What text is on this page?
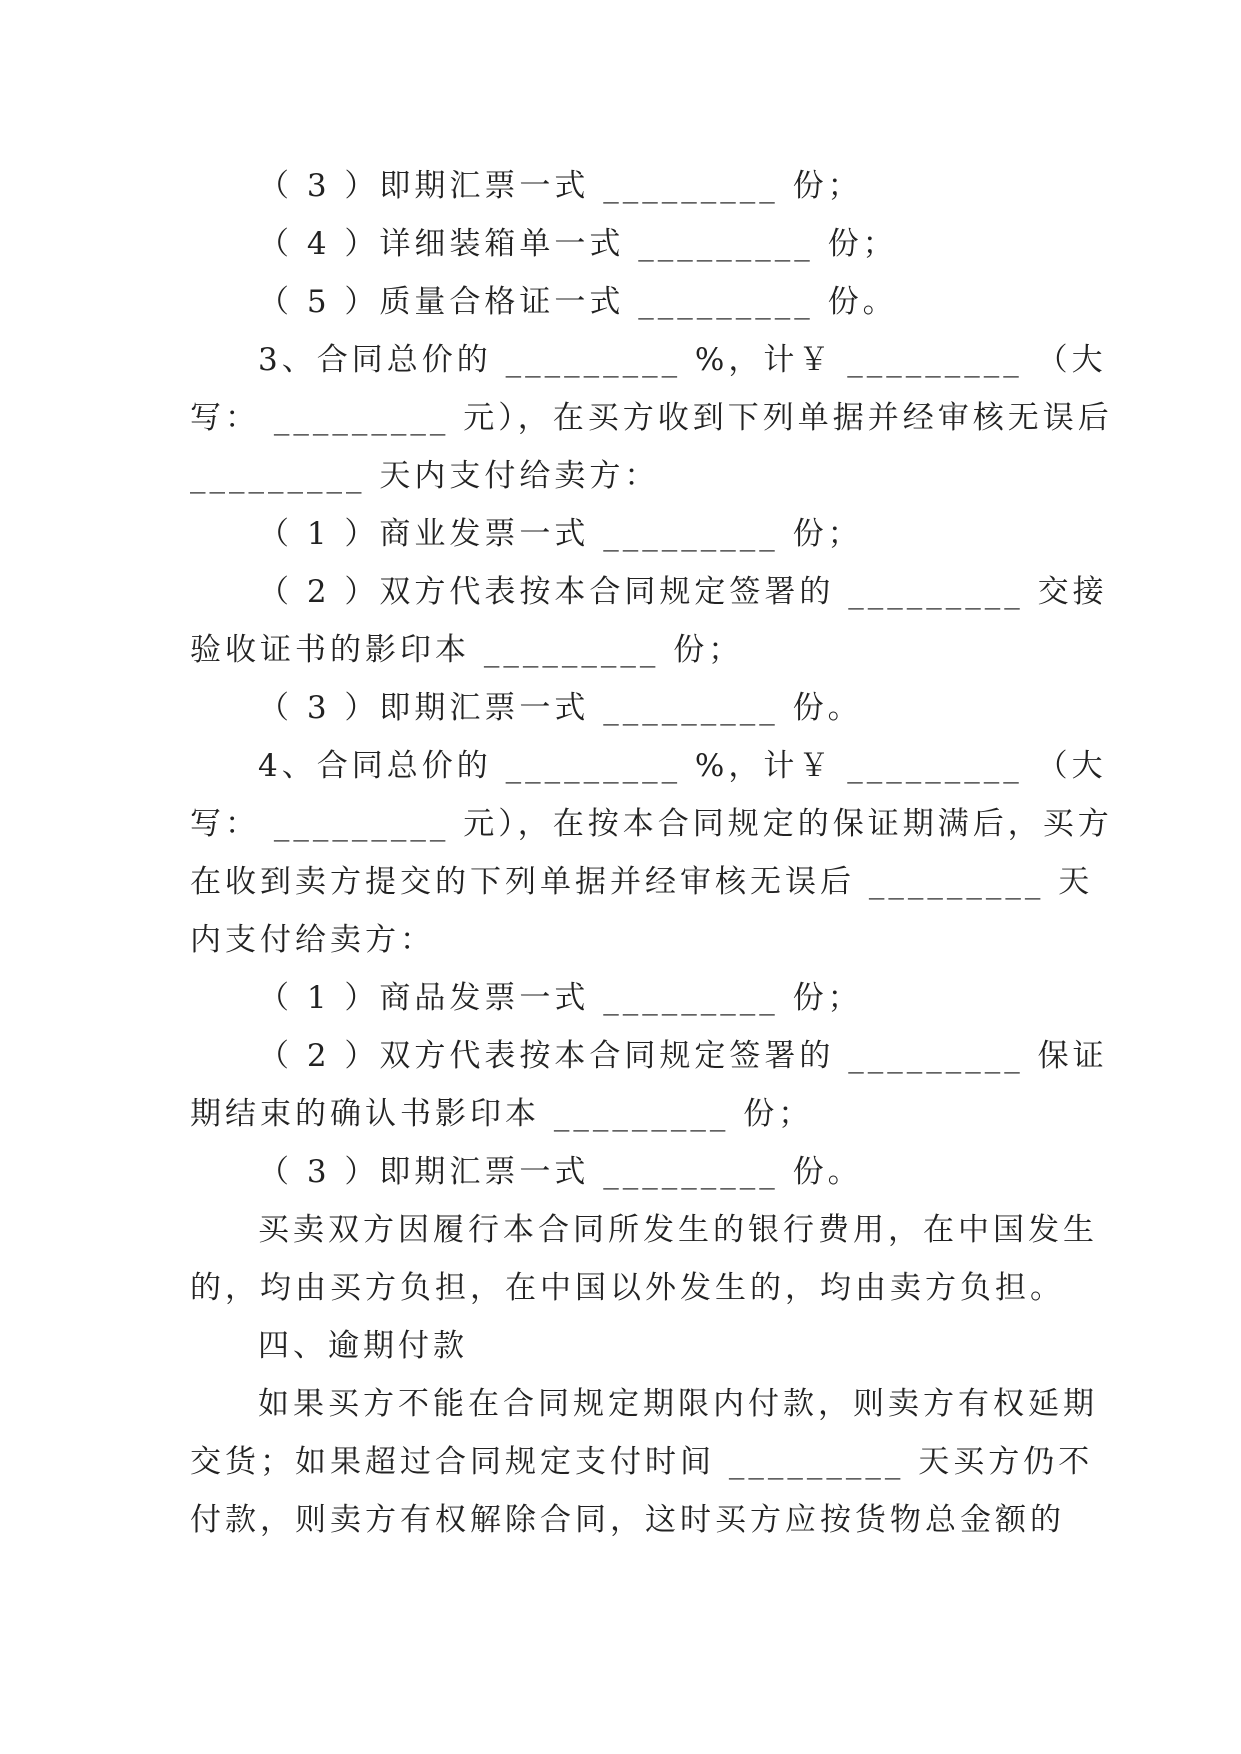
（ 3 ）即期汇票一式 _________ 份；
（ 4 ）详细装箱单一式 _________ 份；
（ 5 ）质量合格证一式 _________ 份。
3、合同总价的 _________ %，计￥ _________ （大
写： _________ 元），在买方收到下列单据并经审核无误后
_________ 天内支付给卖方：
（ 1 ）商业发票一式 _________ 份；
（ 2 ）双方代表按本合同规定签署的 _________ 交接
验收证书的影印本 _________ 份；
（ 3 ）即期汇票一式 _________ 份。
4、合同总价的 _________ %，计￥ _________ （大
写： _________ 元），在按本合同规定的保证期满后，买方
在收到卖方提交的下列单据并经审核无误后 _________ 天
内支付给卖方：
（ 1 ）商品发票一式 _________ 份；
（ 2 ）双方代表按本合同规定签署的 _________ 保证
期结束的确认书影印本 _________ 份；
（ 3 ）即期汇票一式 _________ 份。
买卖双方因履行本合同所发生的银行费用，在中国发生
的，均由买方负担，在中国以外发生的，均由卖方负担。
四、逾期付款
如果买方不能在合同规定期限内付款，则卖方有权延期
交货；如果超过合同规定支付时间 _________ 天买方仍不
付款，则卖方有权解除合同，这时买方应按货物总金额的
